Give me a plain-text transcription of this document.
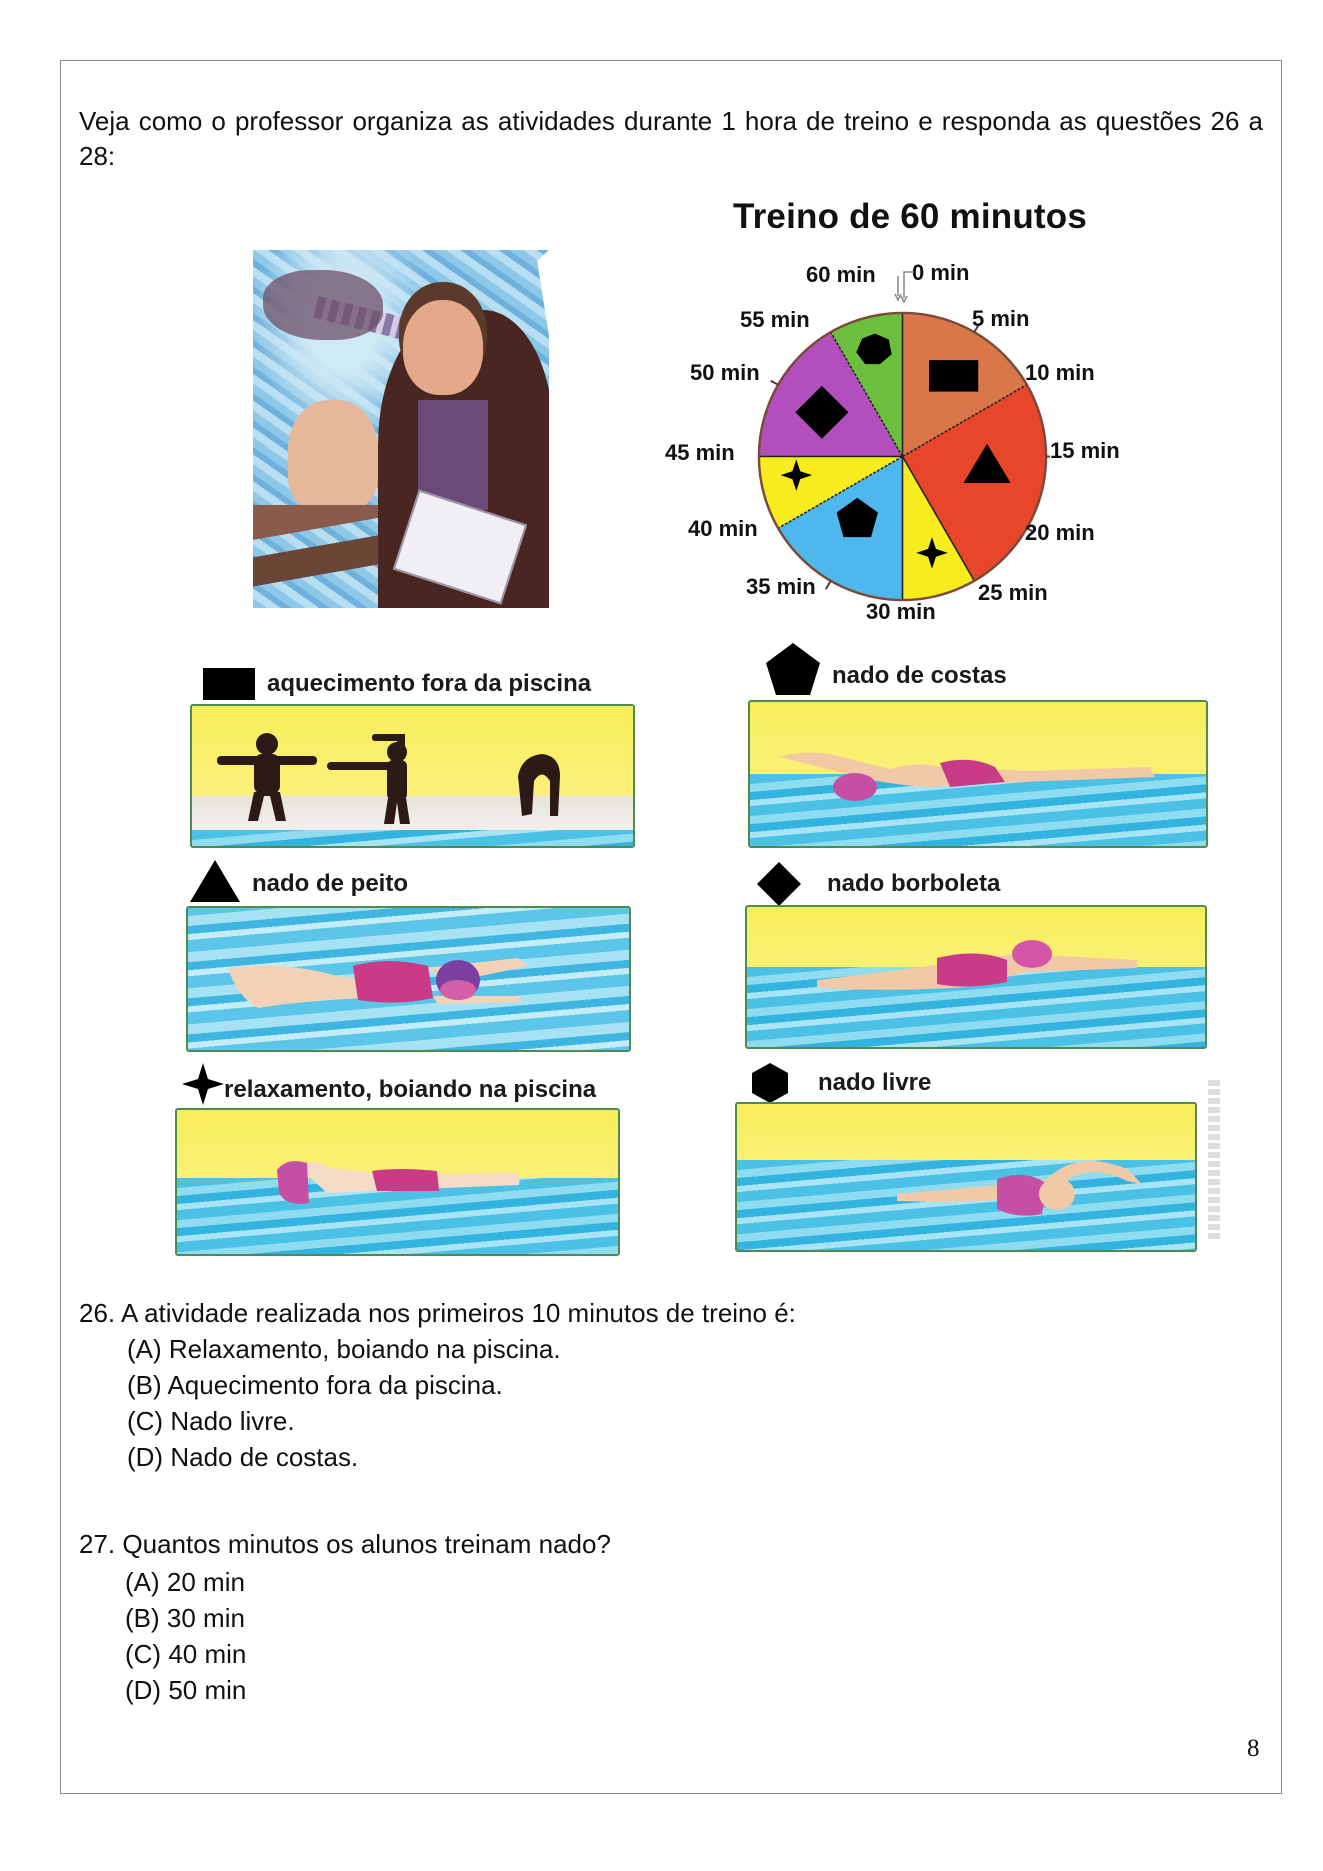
Veja como o professor organiza as atividades durante 1 hora de treino e responda as questões 26 a 28:

Treino de 60 minutos
60 min 0 min
5 min
10 min
15 min
20 min
25 min
30 min
35 min
40 min
45 min
50 min
55 min
aquecimento fora da piscina	nado de costas
nado de peito	nado borboleta
relaxamento, boiando na piscina	nado livre
26. A atividade realizada nos primeiros 10 minutos de treino é:
(A) Relaxamento, boiando na piscina.
(B) Aquecimento fora da piscina.
(C) Nado livre.
(D) Nado de costas.
27. Quantos minutos os alunos treinam nado?
(A) 20 min
(B) 30 min
(C) 40 min
(D) 50 min
8
